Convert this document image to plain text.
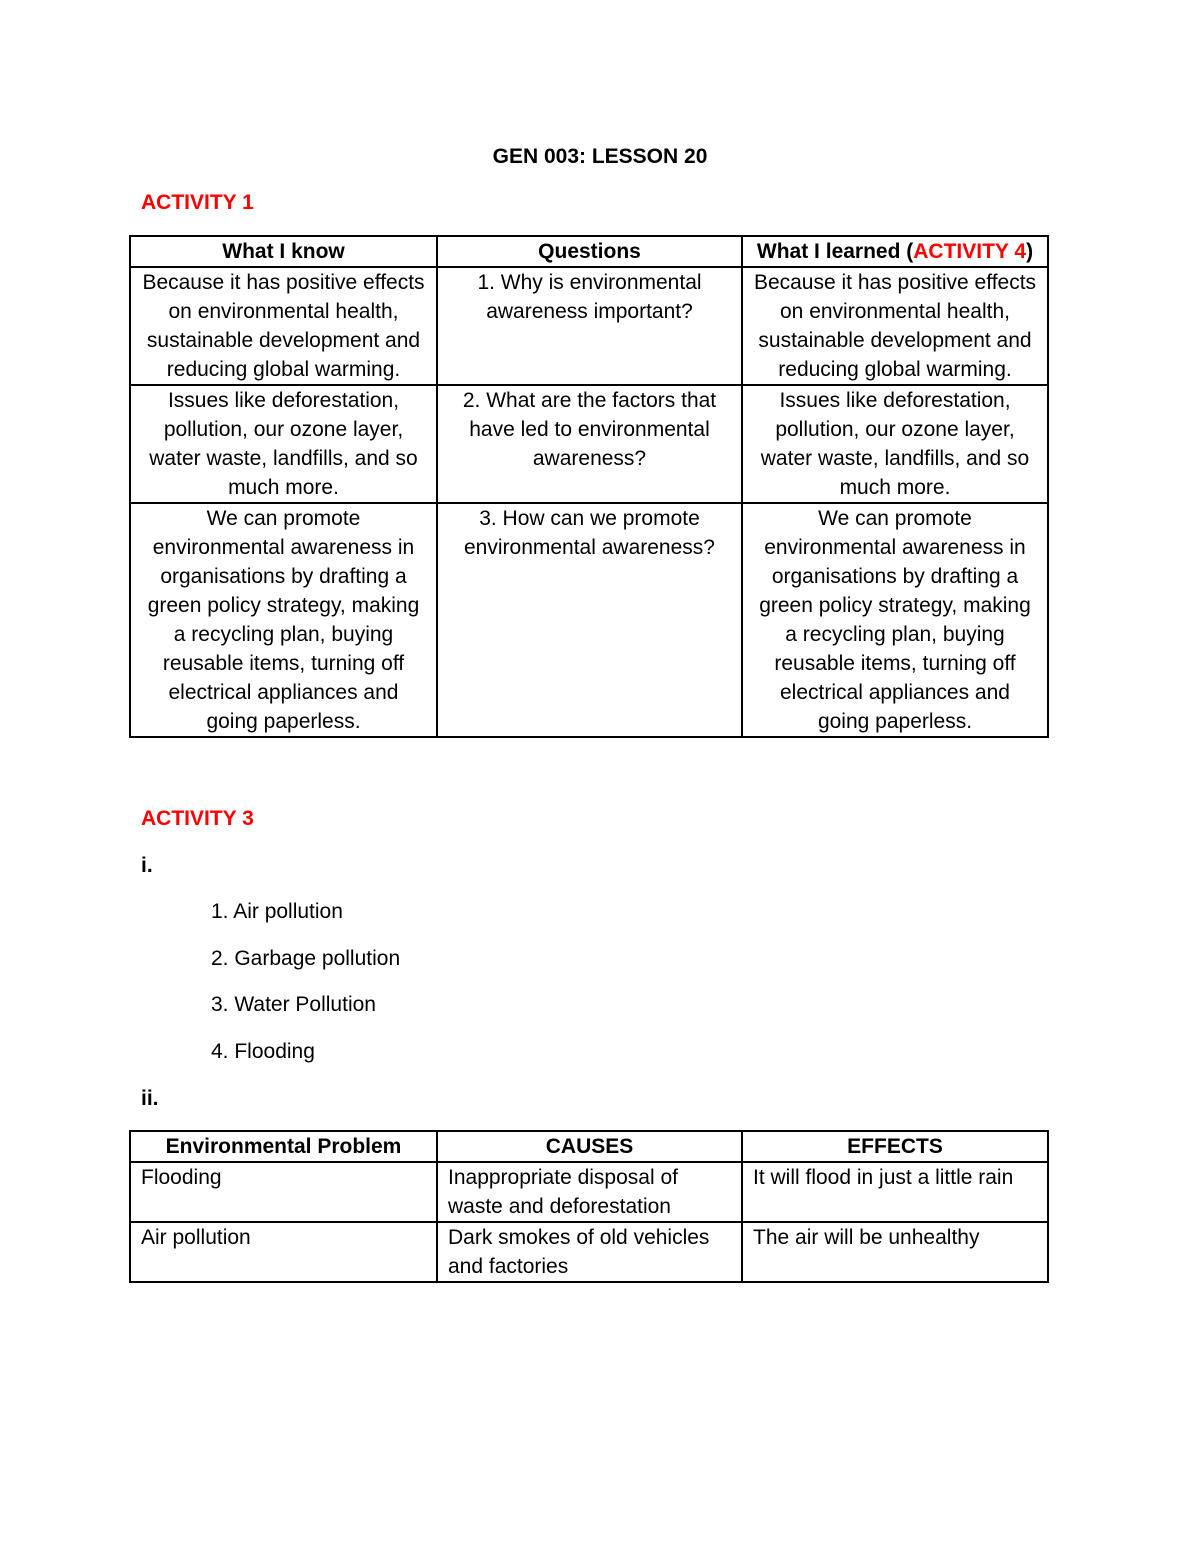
GEN 003: LESSON 20
ACTIVITY 1
What I know	Questions	What I learned (ACTIVITY 4)
Because it has positive effects on environmental health, sustainable development and reducing global warming.	1. Why is environmental awareness important?	Because it has positive effects on environmental health, sustainable development and reducing global warming.
Issues like deforestation, pollution, our ozone layer, water waste, landfills, and so much more.	2. What are the factors that have led to environmental awareness?	Issues like deforestation, pollution, our ozone layer, water waste, landfills, and so much more.
We can promote environmental awareness in organisations by drafting a green policy strategy, making a recycling plan, buying reusable items, turning off electrical appliances and going paperless.	3. How can we promote environmental awareness?	We can promote environmental awareness in organisations by drafting a green policy strategy, making a recycling plan, buying reusable items, turning off electrical appliances and going paperless.
ACTIVITY 3
i.
1. Air pollution
2. Garbage pollution
3. Water Pollution
4. Flooding
ii.
Environmental Problem	CAUSES	EFFECTS
Flooding	Inappropriate disposal of waste and deforestation	It will flood in just a little rain
Air pollution	Dark smokes of old vehicles and factories	The air will be unhealthy
